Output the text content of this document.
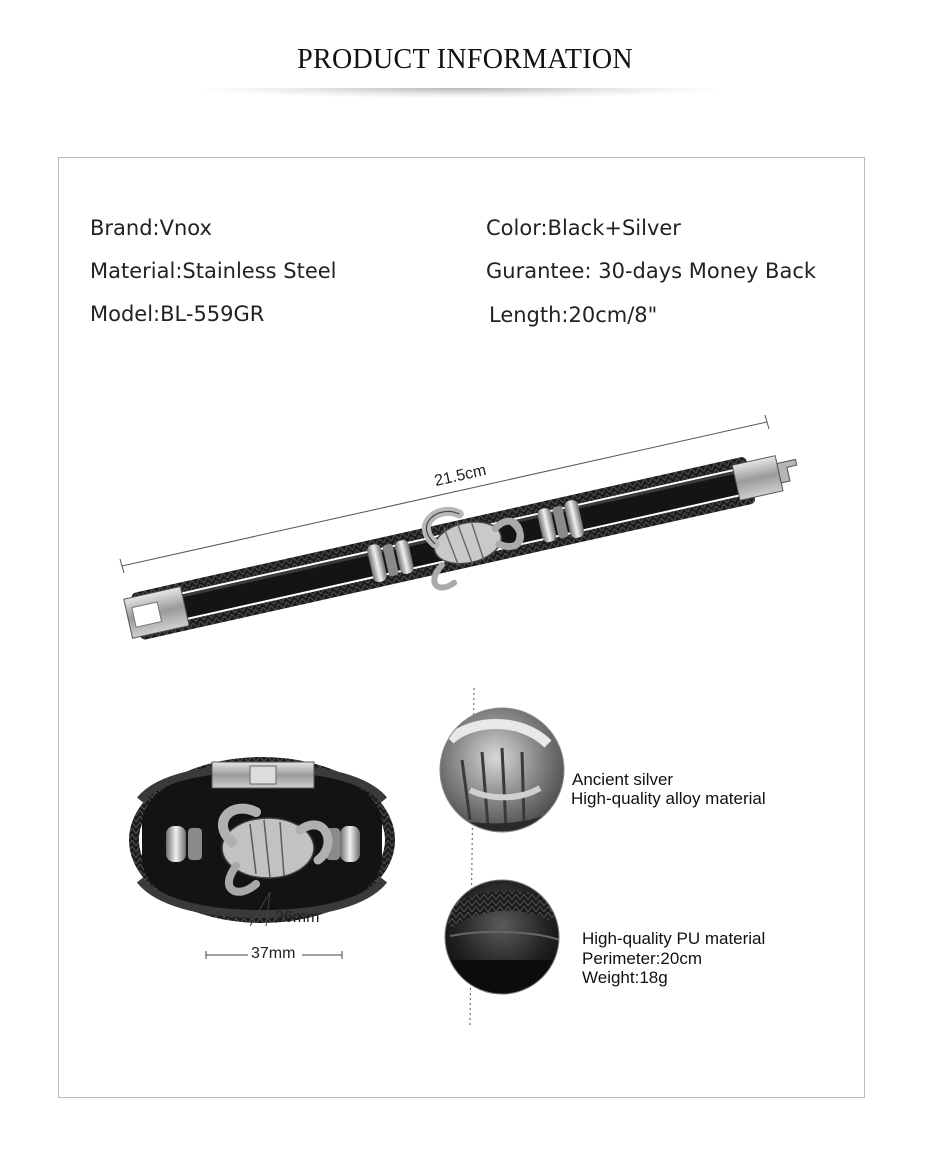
PRODUCT INFORMATION
Brand:Vnox	Color:Black+Silver
Material:Stainless Steel	Gurantee: 30-days Money Back
Model:BL-559GR	Length:20cm/8"
21.5cm
26mm
37mm
Ancient silver
High-quality alloy material
High-quality PU material
Perimeter:20cm
Weight:18g
